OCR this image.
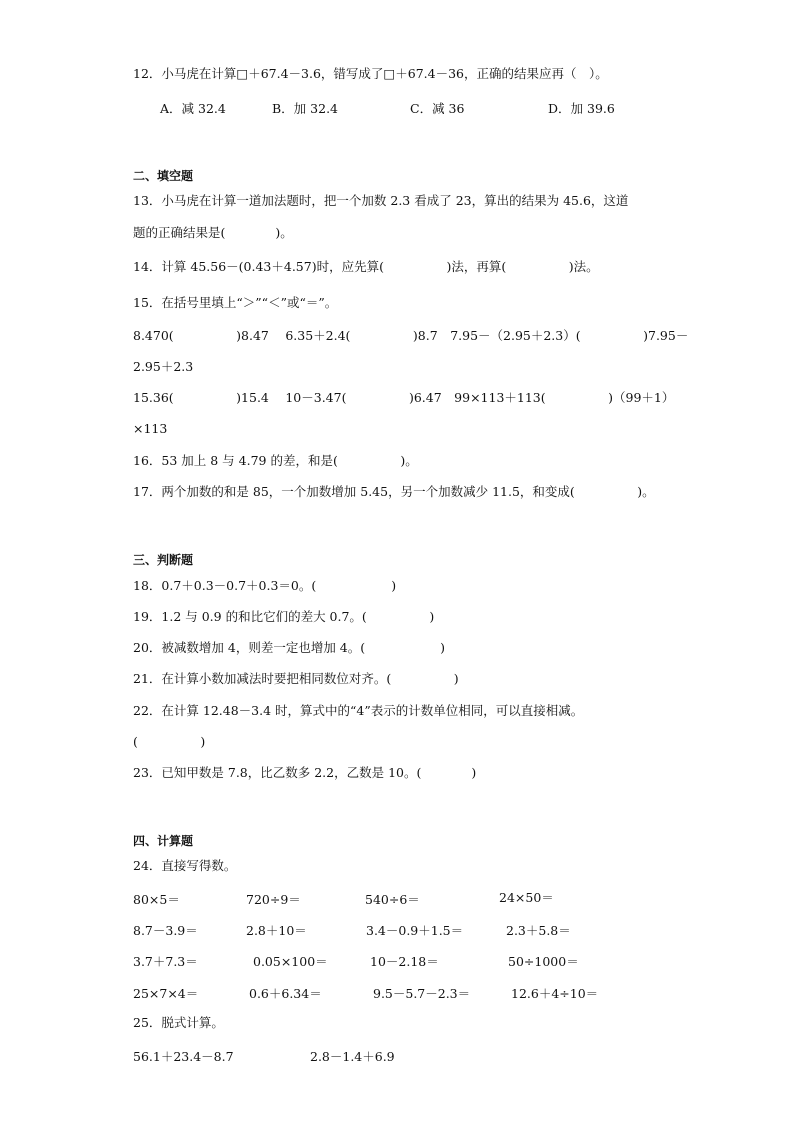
12．小马虎在计算□＋67.4－3.6，错写成了□＋67.4－36，正确的结果应再（　）。
A．减 32.4	B．加 32.4	C．减 36	D．加 39.6
二、填空题
13．小马虎在计算一道加法题时，把一个加数 2.3 看成了 23，算出的结果为 45.6，这道
题的正确结果是(　　　　)。
14．计算 45.56－(0.43＋4.57)时，应先算(　　　　　)法，再算(　　　　　)法。
15．在括号里填上“＞”“＜”或“＝”。
8.470(　　　　　)8.47　 6.35＋2.4(　　　　　)8.7　7.95－（2.95＋2.3）(　　　　　)7.95－
2.95＋2.3
15.36(　　　　　)15.4　 10－3.47(　　　　　)6.47　99×113＋113(　　　　　)（99＋1）
×113
16．53 加上 8 与 4.79 的差，和是(　　　　　)。
17．两个加数的和是 85，一个加数增加 5.45，另一个加数减少 11.5，和变成(　　　　　)。
三、判断题
18．0.7＋0.3－0.7＋0.3＝0。(　　　　　　)
19．1.2 与 0.9 的和比它们的差大 0.7。(　　　　　)
20．被减数增加 4，则差一定也增加 4。(　　　　　　)
21．在计算小数加减法时要把相同数位对齐。(　　　　　)
22．在计算 12.48－3.4 时，算式中的“4”表示的计数单位相同，可以直接相减。
(　　　　　)
23．已知甲数是 7.8，比乙数多 2.2，乙数是 10。(　　　　)
四、计算题
24．直接写得数。
80×5＝	720÷9＝	540÷6＝	24×50＝
8.7－3.9＝	2.8＋10＝	3.4－0.9＋1.5＝	2.3＋5.8＝
3.7＋7.3＝	0.05×100＝	10－2.18＝	50÷1000＝
25×7×4＝	0.6＋6.34＝	9.5－5.7－2.3＝	12.6＋4÷10＝
25．脱式计算。
56.1＋23.4－8.7	2.8－1.4＋6.9
